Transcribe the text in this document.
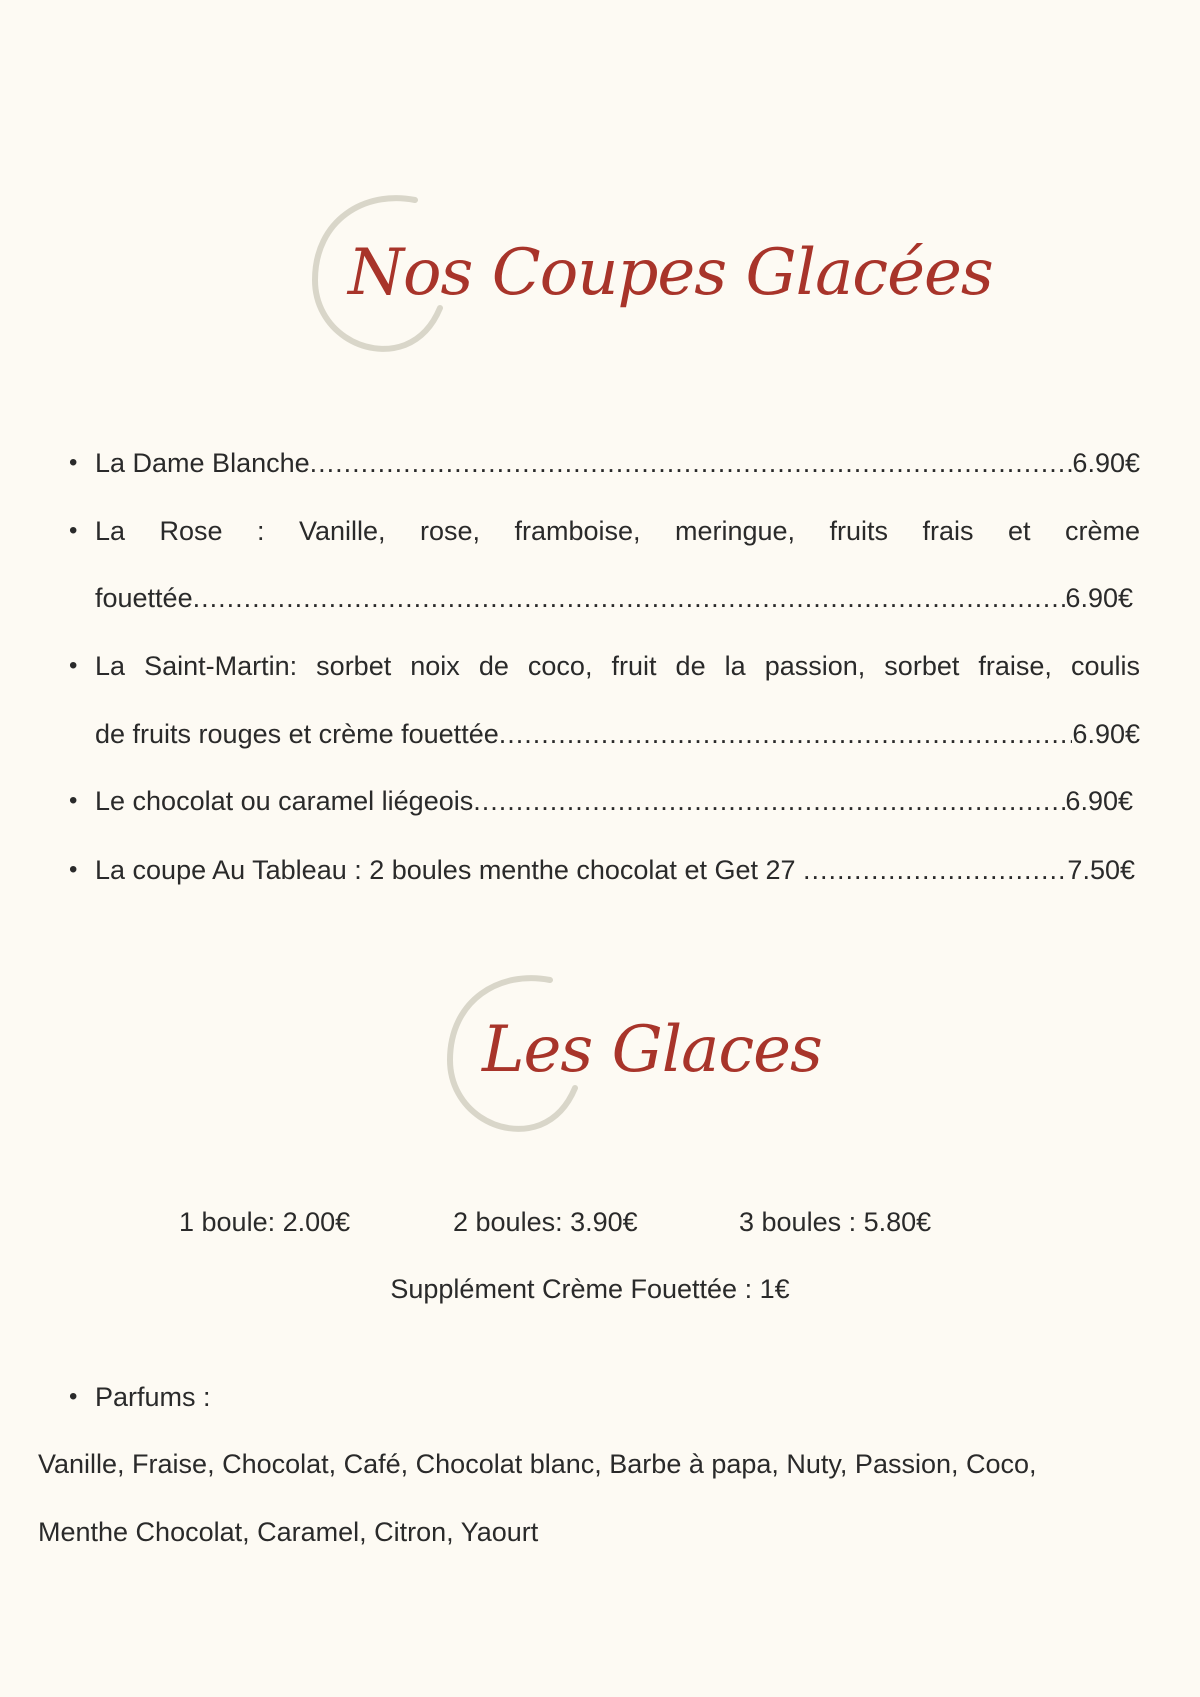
Nos Coupes Glacées
• La Dame Blanche .....	6.90€
• La Rose : Vanille, rose, framboise, meringue, fruits frais et crème
fouettée .....	6.90€
• La Saint-Martin: sorbet noix de coco, fruit de la passion, sorbet fraise, coulis
de fruits rouges et crème fouettée .....	6.90€
• Le chocolat ou caramel liégeois .....	6.90€
• La coupe Au Tableau : 2 boules menthe chocolat et Get 27 .....	7.50€
Les Glaces
1 boule: 2.00€	2 boules: 3.90€	3 boules : 5.80€
Supplément Crème Fouettée : 1€
• Parfums :
Vanille, Fraise, Chocolat, Café, Chocolat blanc, Barbe à papa, Nuty, Passion, Coco,
Menthe Chocolat, Caramel, Citron, Yaourt
